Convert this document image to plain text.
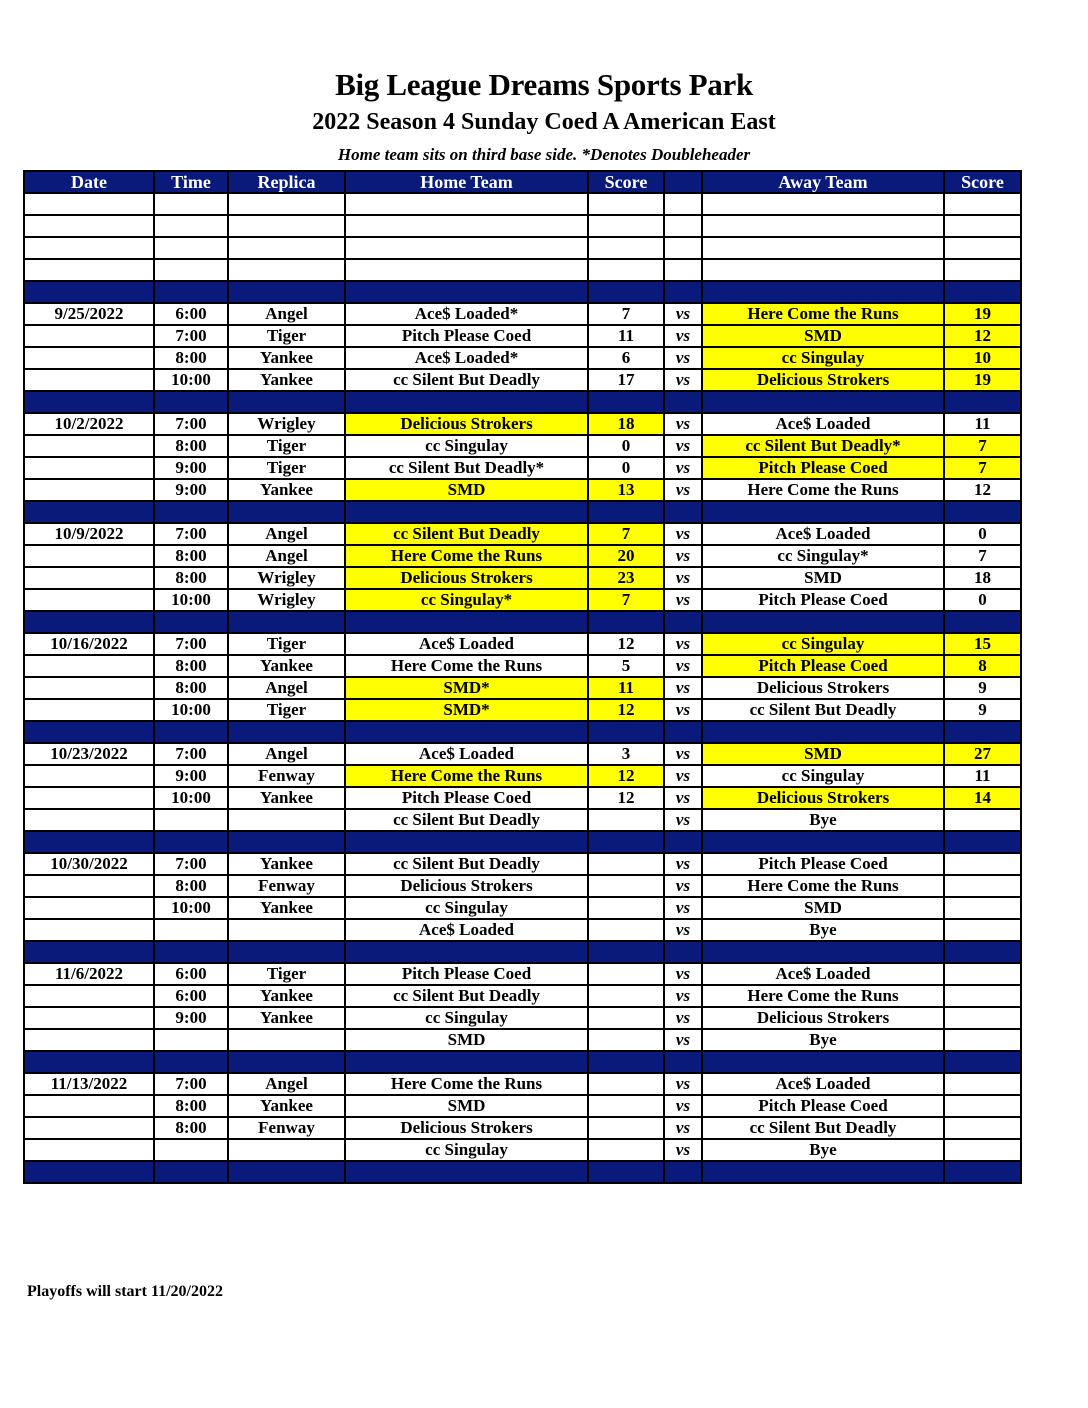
Big League Dreams Sports Park
2022 Season 4 Sunday Coed A American East
Home team sits on third base side. *Denotes Doubleheader
Date	Time	Replica	Home Team	Score		Away Team	Score

9/25/2022	6:00	Angel	Ace$ Loaded*	7	vs	Here Come the Runs	19
	7:00	Tiger	Pitch Please Coed	11	vs	SMD	12
	8:00	Yankee	Ace$ Loaded*	6	vs	cc Singulay	10
	10:00	Yankee	cc Silent But Deadly	17	vs	Delicious Strokers	19

10/2/2022	7:00	Wrigley	Delicious Strokers	18	vs	Ace$ Loaded	11
	8:00	Tiger	cc Singulay	0	vs	cc Silent But Deadly*	7
	9:00	Tiger	cc Silent But Deadly*	0	vs	Pitch Please Coed	7
	9:00	Yankee	SMD	13	vs	Here Come the Runs	12

10/9/2022	7:00	Angel	cc Silent But Deadly	7	vs	Ace$ Loaded	0
	8:00	Angel	Here Come the Runs	20	vs	cc Singulay*	7
	8:00	Wrigley	Delicious Strokers	23	vs	SMD	18
	10:00	Wrigley	cc Singulay*	7	vs	Pitch Please Coed	0

10/16/2022	7:00	Tiger	Ace$ Loaded	12	vs	cc Singulay	15
	8:00	Yankee	Here Come the Runs	5	vs	Pitch Please Coed	8
	8:00	Angel	SMD*	11	vs	Delicious Strokers	9
	10:00	Tiger	SMD*	12	vs	cc Silent But Deadly	9

10/23/2022	7:00	Angel	Ace$ Loaded	3	vs	SMD	27
	9:00	Fenway	Here Come the Runs	12	vs	cc Singulay	11
	10:00	Yankee	Pitch Please Coed	12	vs	Delicious Strokers	14
			cc Silent But Deadly		vs	Bye	

10/30/2022	7:00	Yankee	cc Silent But Deadly		vs	Pitch Please Coed	
	8:00	Fenway	Delicious Strokers		vs	Here Come the Runs	
	10:00	Yankee	cc Singulay		vs	SMD	
			Ace$ Loaded		vs	Bye	

11/6/2022	6:00	Tiger	Pitch Please Coed		vs	Ace$ Loaded	
	6:00	Yankee	cc Silent But Deadly		vs	Here Come the Runs	
	9:00	Yankee	cc Singulay		vs	Delicious Strokers	
			SMD		vs	Bye	

11/13/2022	7:00	Angel	Here Come the Runs		vs	Ace$ Loaded	
	8:00	Yankee	SMD		vs	Pitch Please Coed	
	8:00	Fenway	Delicious Strokers		vs	cc Silent But Deadly	
			cc Singulay		vs	Bye	

Playoffs will start 11/20/2022
